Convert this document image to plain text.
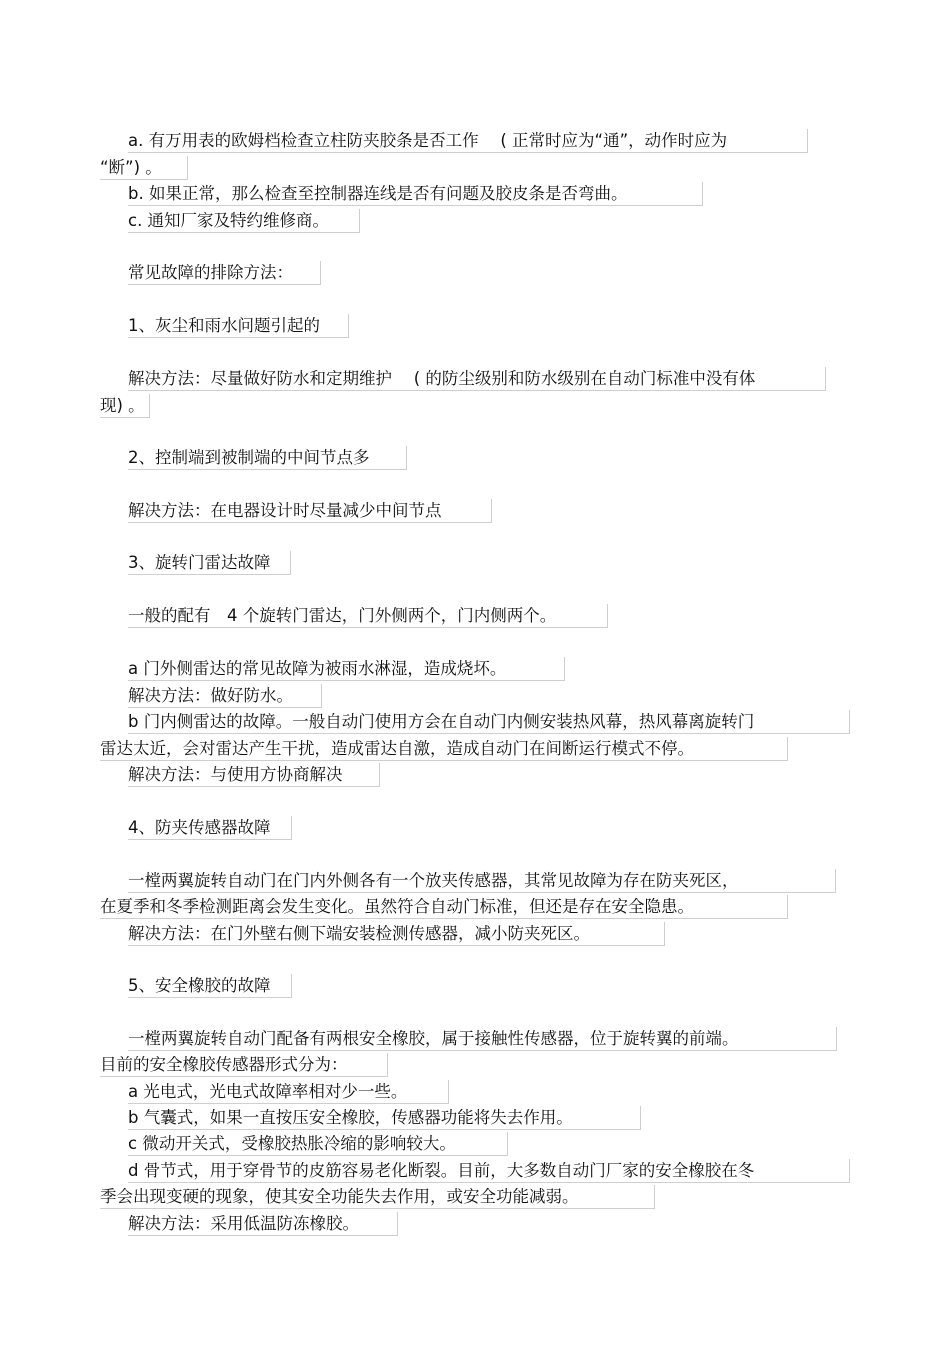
a. 有万用表的欧姆档检查立柱防夹胶条是否工作　 ( 正常时应为“通”，动作时应为
“断”) 。
b. 如果正常，那么检查至控制器连线是否有问题及胶皮条是否弯曲。
c. 通知厂家及特约维修商。
常见故障的排除方法：
1、灰尘和雨水问题引起的
解决方法：尽量做好防水和定期维护　 ( 的防尘级别和防水级别在自动门标准中没有体
现) 。
2、控制端到被制端的中间节点多
解决方法：在电器设计时尽量减少中间节点
3、旋转门雷达故障
一般的配有　4 个旋转门雷达，门外侧两个，门内侧两个。
a 门外侧雷达的常见故障为被雨水淋湿，造成烧坏。
解决方法：做好防水。
b 门内侧雷达的故障。一般自动门使用方会在自动门内侧安装热风幕，热风幕离旋转门
雷达太近，会对雷达产生干扰，造成雷达自激，造成自动门在间断运行模式不停。
解决方法：与使用方协商解决
4、防夹传感器故障
一樘两翼旋转自动门在门内外侧各有一个放夹传感器，其常见故障为存在防夹死区，
在夏季和冬季检测距离会发生变化。虽然符合自动门标准，但还是存在安全隐患。
解决方法：在门外壁右侧下端安装检测传感器，减小防夹死区。
5、安全橡胶的故障
一樘两翼旋转自动门配备有两根安全橡胶，属于接触性传感器，位于旋转翼的前端。
目前的安全橡胶传感器形式分为：
a 光电式，光电式故障率相对少一些。
b 气囊式，如果一直按压安全橡胶，传感器功能将失去作用。
c 微动开关式，受橡胶热胀冷缩的影响较大。
d 骨节式，用于穿骨节的皮筋容易老化断裂。目前，大多数自动门厂家的安全橡胶在冬
季会出现变硬的现象，使其安全功能失去作用，或安全功能减弱。
解决方法：采用低温防冻橡胶。
